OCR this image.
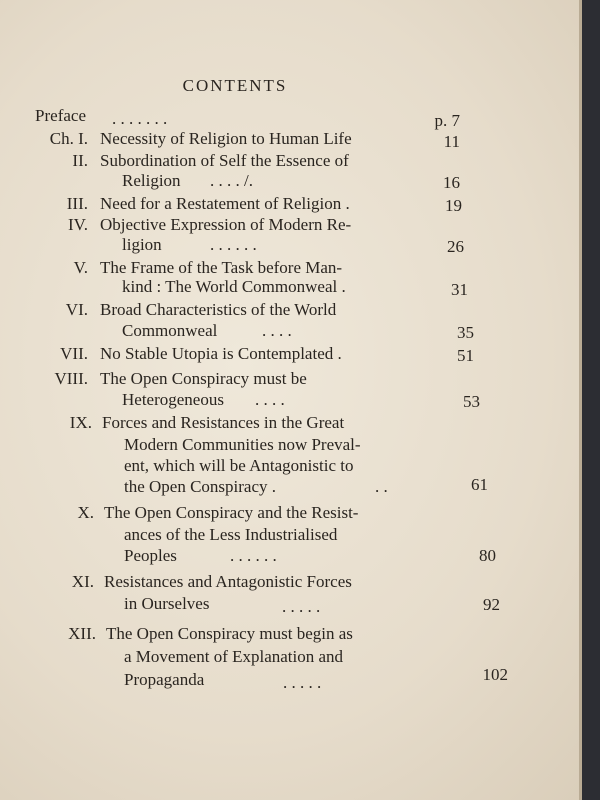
CONTENTS
Preface . . . . . . .	p. 7
Ch. I. Necessity of Religion to Human Life	11
II. Subordination of Self the Essence of
Religion . . . . /.	16
III. Need for a Restatement of Religion .	19
IV. Objective Expression of Modern Re-
ligion	. . . . . .	26
V. The Frame of the Task before Man-
kind : The World Commonweal .	31
VI. Broad Characteristics of the World
Commonweal	. . . .	35
VII. No Stable Utopia is Contemplated .	51
VIII. The Open Conspiracy must be
Heterogeneous . . . .	53
IX. Forces and Resistances in the Great
Modern Communities now Preval-
ent, which will be Antagonistic to
the Open Conspiracy .	. .	61
X. The Open Conspiracy and the Resist-
ances of the Less Industrialised
Peoples	. . . . . .	80
XI. Resistances and Antagonistic Forces
in Ourselves	. . . . .	92
XII. The Open Conspiracy must begin as
a Movement of Explanation and
Propaganda	. . . . .	102
